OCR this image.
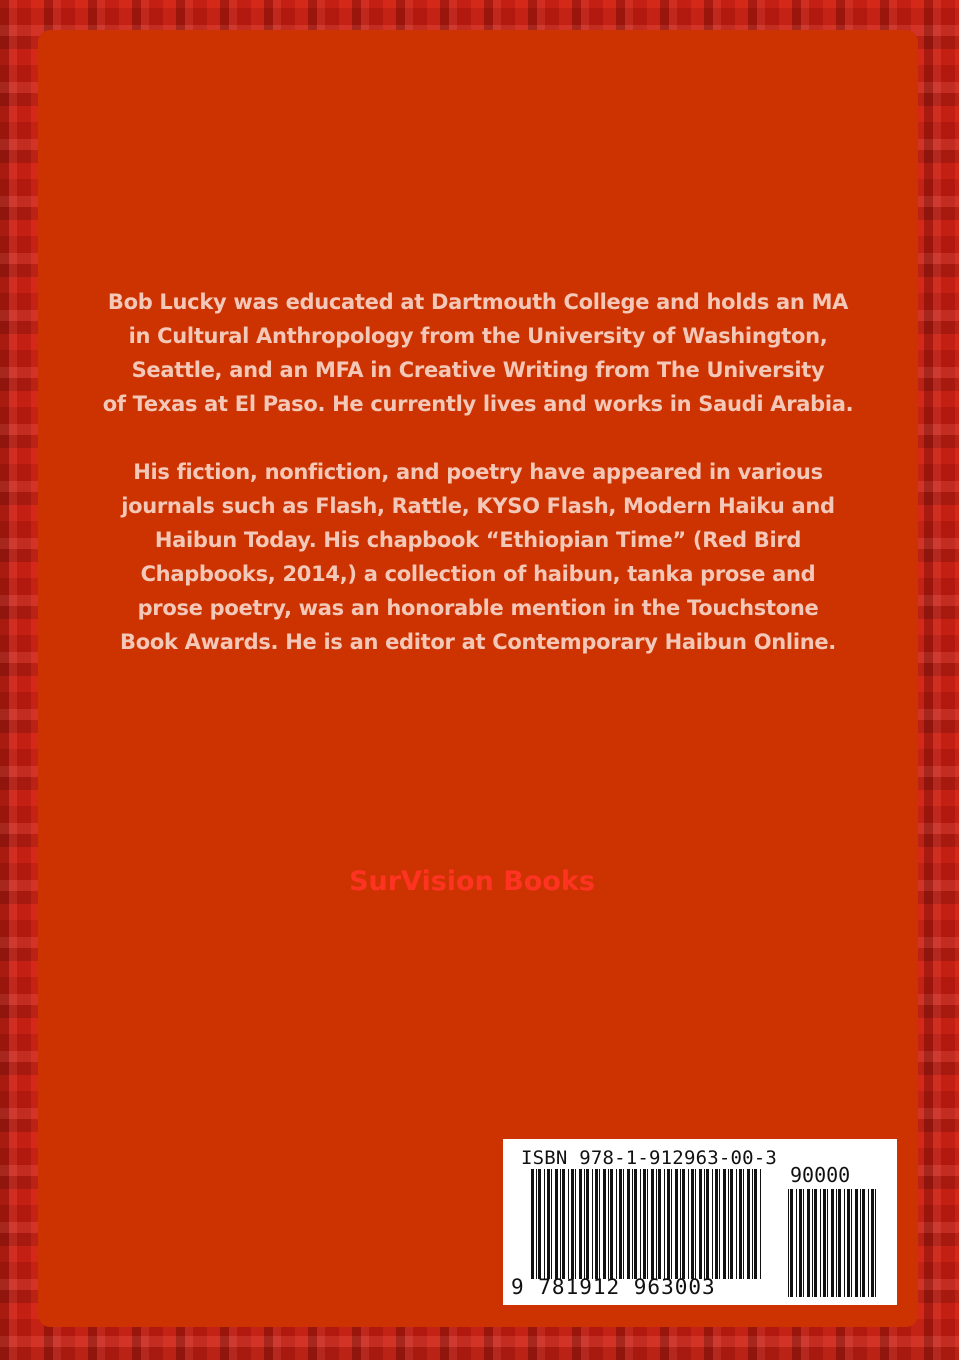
Bob Lucky was educated at Dartmouth College and holds an MA
in Cultural Anthropology from the University of Washington,
Seattle, and an MFA in Creative Writing from The University
of Texas at El Paso. He currently lives and works in Saudi Arabia.
His fiction, nonfiction, and poetry have appeared in various
journals such as Flash, Rattle, KYSO Flash, Modern Haiku and
Haibun Today. His chapbook “Ethiopian Time” (Red Bird
Chapbooks, 2014,) a collection of haibun, tanka prose and
prose poetry, was an honorable mention in the Touchstone
Book Awards. He is an editor at Contemporary Haibun Online.
SurVision Books
ISBN 978-1-912963-00-3
90000
9 781912 963003
